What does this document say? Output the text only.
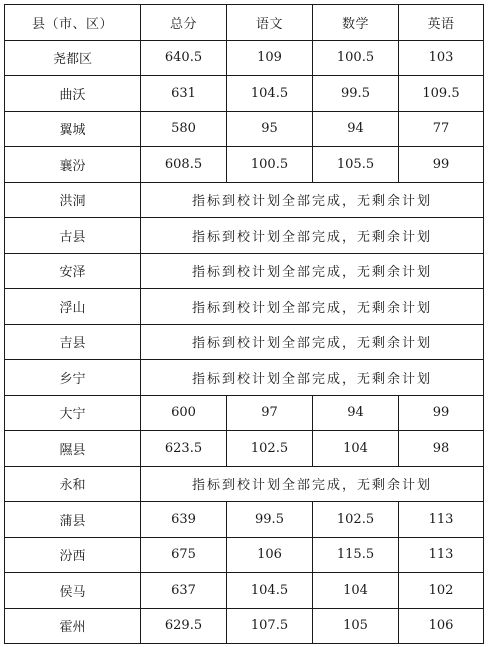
县（市、区）	总分	语文	数学	英语
尧都区	640.5	109	100.5	103
曲沃	631	104.5	99.5	109.5
翼城	580	95	94	77
襄汾	608.5	100.5	105.5	99
洪洞	指标到校计划全部完成，无剩余计划			
古县	指标到校计划全部完成，无剩余计划			
安泽	指标到校计划全部完成，无剩余计划			
浮山	指标到校计划全部完成，无剩余计划			
吉县	指标到校计划全部完成，无剩余计划			
乡宁	指标到校计划全部完成，无剩余计划			
大宁	600	97	94	99
隰县	623.5	102.5	104	98
永和	指标到校计划全部完成，无剩余计划			
蒲县	639	99.5	102.5	113
汾西	675	106	115.5	113
侯马	637	104.5	104	102
霍州	629.5	107.5	105	106
